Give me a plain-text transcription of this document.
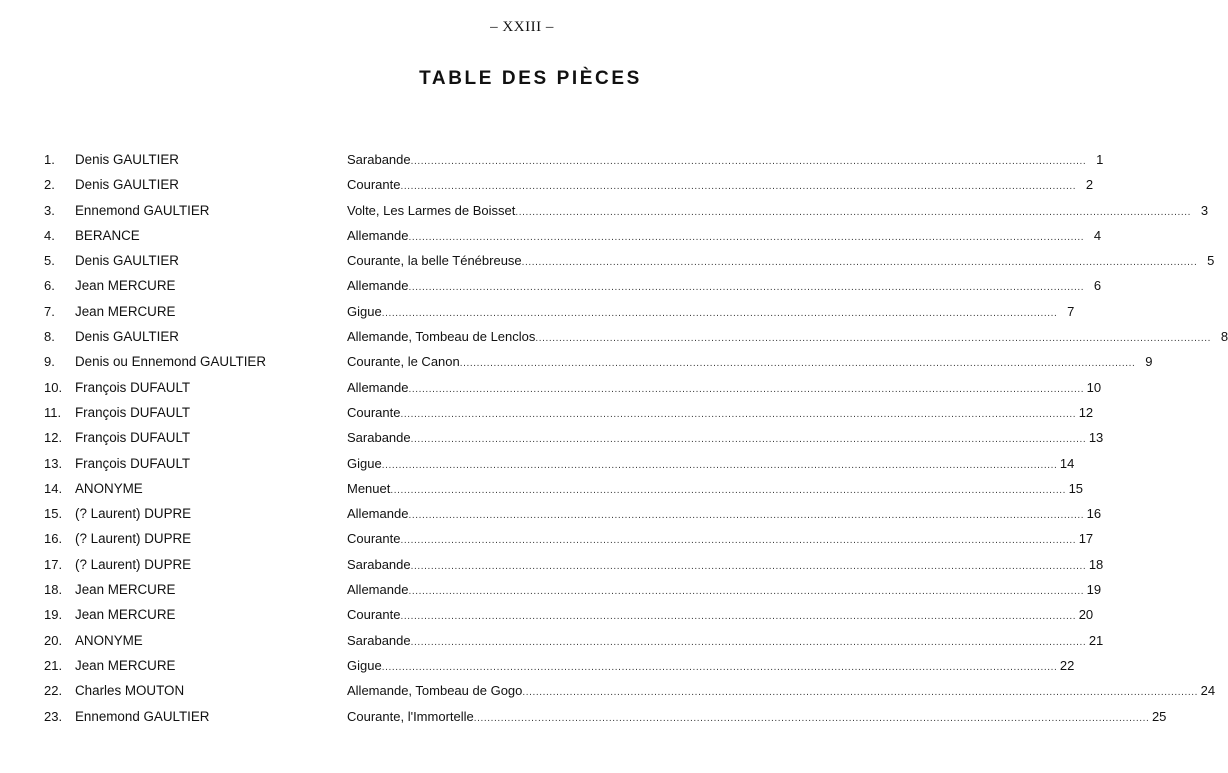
– XXIII –
TABLE DES PIÈCES
1.	Denis GAULTIER	Sarabande ........................................................................................................................................................................................................ 1
2.	Denis GAULTIER	Courante ........................................................................................................................................................................................................ 2
3.	Ennemond GAULTIER	Volte, Les Larmes de Boisset ........................................................................................................................................................................................................ 3
4.	BERANCE	Allemande ........................................................................................................................................................................................................ 4
5.	Denis GAULTIER	Courante, la belle Ténébreuse ........................................................................................................................................................................................................ 5
6.	Jean MERCURE	Allemande ........................................................................................................................................................................................................ 6
7.	Jean MERCURE	Gigue ........................................................................................................................................................................................................ 7
8.	Denis GAULTIER	Allemande, Tombeau de Lenclos ........................................................................................................................................................................................................ 8
9.	Denis ou Ennemond GAULTIER	Courante, le Canon ........................................................................................................................................................................................................ 9
10. François DUFAULT	Allemande ........................................................................................................................................................................................................ 10
11.	François DUFAULT	Courante ........................................................................................................................................................................................................ 12
12. François DUFAULT	Sarabande ........................................................................................................................................................................................................ 13
13. François DUFAULT	Gigue ........................................................................................................................................................................................................ 14
14. ANONYME	Menuet ........................................................................................................................................................................................................ 15
15. (? Laurent) DUPRE	Allemande ........................................................................................................................................................................................................ 16
16. (? Laurent) DUPRE	Courante ........................................................................................................................................................................................................ 17
17. (? Laurent) DUPRE	Sarabande ........................................................................................................................................................................................................ 18
18. Jean MERCURE	Allemande ........................................................................................................................................................................................................ 19
19. Jean MERCURE	Courante ........................................................................................................................................................................................................ 20
20. ANONYME	Sarabande ........................................................................................................................................................................................................ 21
21. Jean MERCURE	Gigue ........................................................................................................................................................................................................ 22
22. Charles MOUTON	Allemande, Tombeau de Gogo ........................................................................................................................................................................................................ 24
23. Ennemond GAULTIER	Courante, l'Immortelle ........................................................................................................................................................................................................ 25
